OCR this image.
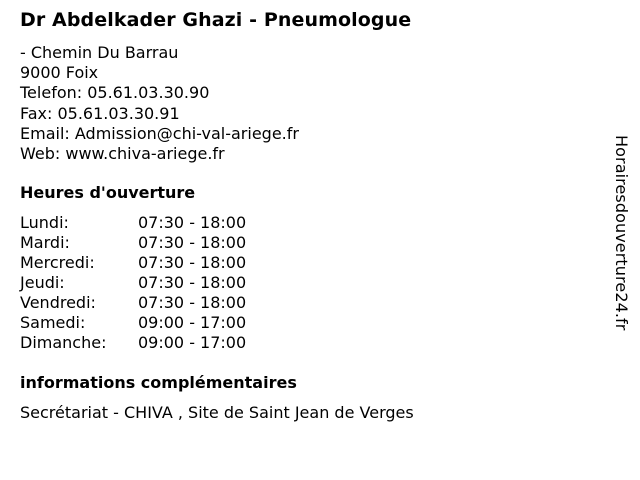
Dr Abdelkader Ghazi - Pneumologue
- Chemin Du Barrau
9000 Foix
Telefon: 05.61.03.30.90
Fax: 05.61.03.30.91
Email: Admission@chi-val-ariege.fr
Web: www.chiva-ariege.fr
Heures d'ouverture
Lundi:	07:30 - 18:00
Mardi:	07:30 - 18:00
Mercredi:	07:30 - 18:00
Jeudi:	07:30 - 18:00
Vendredi:	07:30 - 18:00
Samedi:	09:00 - 17:00
Dimanche:	09:00 - 17:00
informations complémentaires
Secrétariat - CHIVA , Site de Saint Jean de Verges
Horairesdouverture24.fr
